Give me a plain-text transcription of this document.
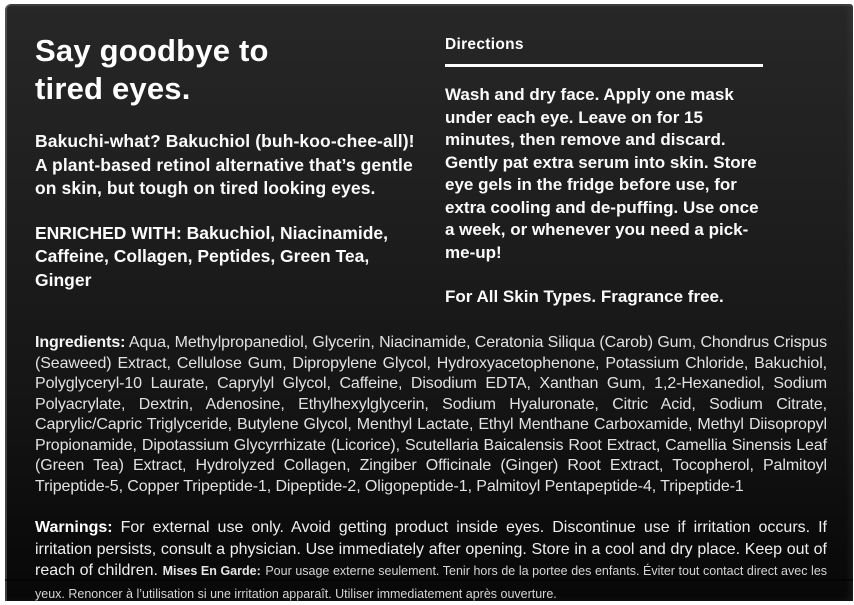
Say goodbye to
tired eyes.

Bakuchi-what? Bakuchiol (buh-koo-chee-all)! A plant-based retinol alternative that’s gentle on skin, but tough on tired looking eyes.

ENRICHED WITH: Bakuchiol, Niacinamide, Caffeine, Collagen, Peptides, Green Tea, Ginger

Directions

Wash and dry face. Apply one mask under each eye. Leave on for 15 minutes, then remove and discard. Gently pat extra serum into skin. Store eye gels in the fridge before use, for extra cooling and de-puffing. Use once a week, or whenever you need a pick-me-up!

For All Skin Types. Fragrance free.

Ingredients: Aqua, Methylpropanediol, Glycerin, Niacinamide, Ceratonia Siliqua (Carob) Gum, Chondrus Crispus (Seaweed) Extract, Cellulose Gum, Dipropylene Glycol, Hydroxyacetophenone, Potassium Chloride, Bakuchiol, Polyglyceryl-10 Laurate, Caprylyl Glycol, Caffeine, Disodium EDTA, Xanthan Gum, 1,2-Hexanediol, Sodium Polyacrylate, Dextrin, Adenosine, Ethylhexylglycerin, Sodium Hyaluronate, Citric Acid, Sodium Citrate, Caprylic/Capric Triglyceride, Butylene Glycol, Menthyl Lactate, Ethyl Menthane Carboxamide, Methyl Diisopropyl Propionamide, Dipotassium Glycyrrhizate (Licorice), Scutellaria Baicalensis Root Extract, Camellia Sinensis Leaf (Green Tea) Extract, Hydrolyzed Collagen, Zingiber Officinale (Ginger) Root Extract, Tocopherol, Palmitoyl Tripeptide-5, Copper Tripeptide-1, Dipeptide-2, Oligopeptide-1, Palmitoyl Pentapeptide-4, Tripeptide-1

Warnings: For external use only. Avoid getting product inside eyes. Discontinue use if irritation occurs. If irritation persists, consult a physician. Use immediately after opening. Store in a cool and dry place. Keep out of reach of children. Mises En Garde: Pour usage externe seulement. Tenir hors de la portee des enfants. Éviter tout contact direct avec les yeux. Renoncer à l’utilisation si une irritation apparaît. Utiliser immediatement après ouverture.
